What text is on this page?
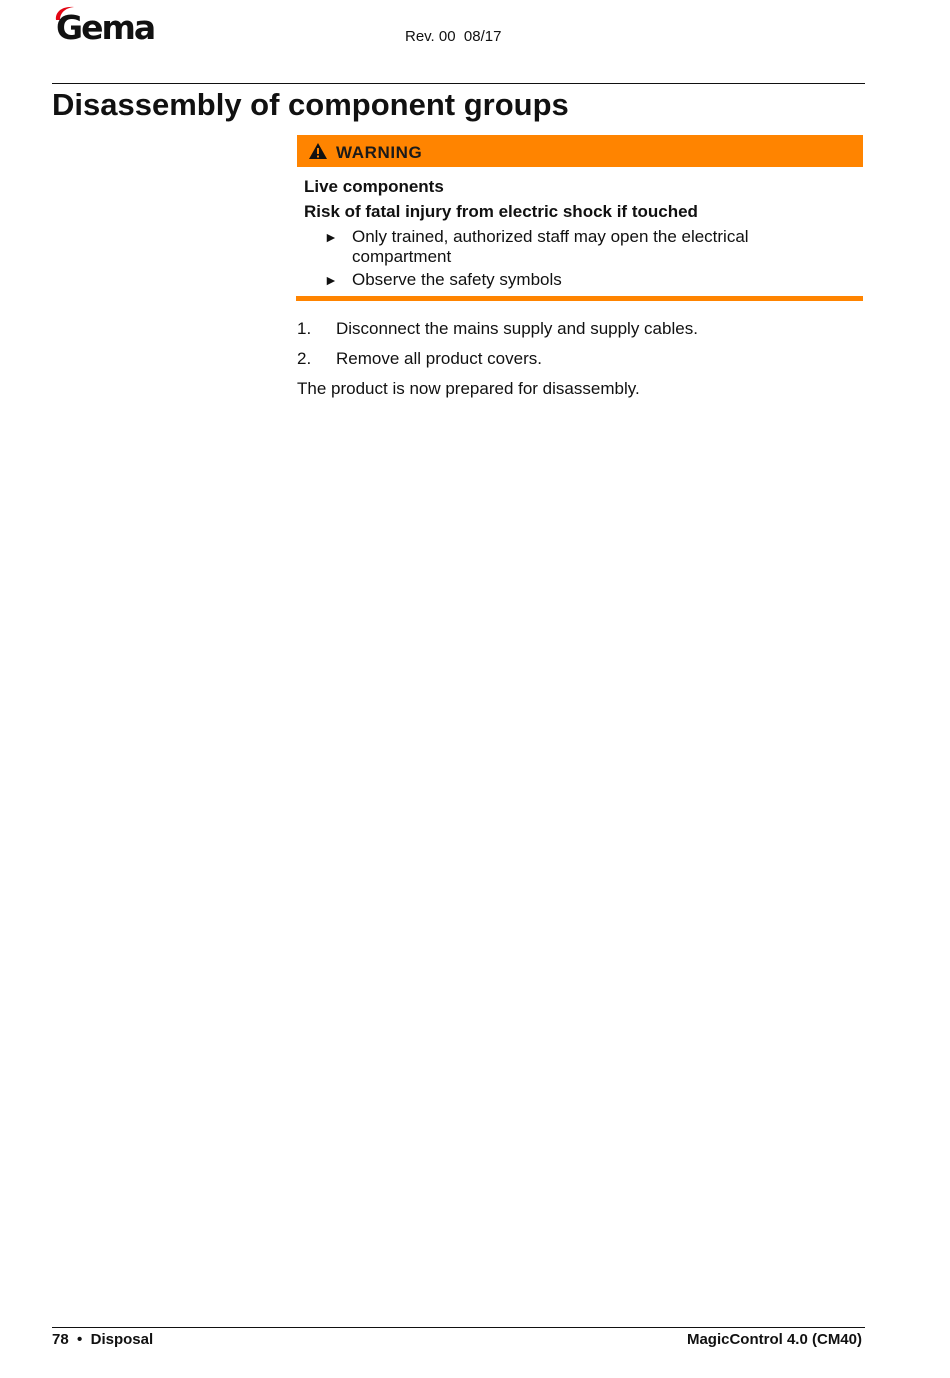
Gema	Rev. 00  08/17
Disassembly of component groups
WARNING
Live components
Risk of fatal injury from electric shock if touched
► Only trained, authorized staff may open the electrical compartment
► Observe the safety symbols
1. Disconnect the mains supply and supply cables.
2. Remove all product covers.
The product is now prepared for disassembly.
78 • Disposal	MagicControl 4.0 (CM40)
